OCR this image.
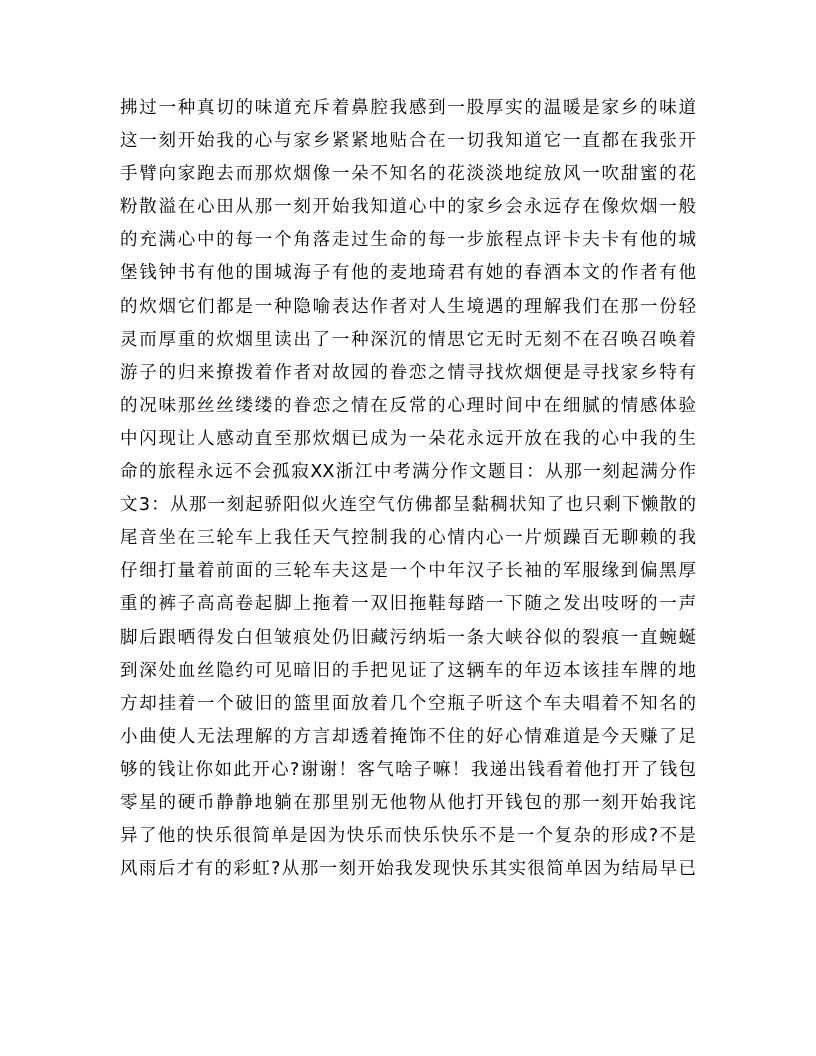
拂过一种真切的味道充斥着鼻腔我感到一股厚实的温暖是家乡的味道
这一刻开始我的心与家乡紧紧地贴合在一切我知道它一直都在我张开
手臂向家跑去而那炊烟像一朵不知名的花淡淡地绽放风一吹甜蜜的花
粉散溢在心田从那一刻开始我知道心中的家乡会永远存在像炊烟一般
的充满心中的每一个角落走过生命的每一步旅程点评卡夫卡有他的城
堡钱钟书有他的围城海子有他的麦地琦君有她的春酒本文的作者有他
的炊烟它们都是一种隐喻表达作者对人生境遇的理解我们在那一份轻
灵而厚重的炊烟里读出了一种深沉的情思它无时无刻不在召唤召唤着
游子的归来撩拨着作者对故园的眷恋之情寻找炊烟便是寻找家乡特有
的况味那丝丝缕缕的眷恋之情在反常的心理时间中在细腻的情感体验
中闪现让人感动直至那炊烟已成为一朵花永远开放在我的心中我的生
命的旅程永远不会孤寂XX浙江中考满分作文题目：从那一刻起满分作
文3：从那一刻起骄阳似火连空气仿佛都呈黏稠状知了也只剩下懒散的
尾音坐在三轮车上我任天气控制我的心情内心一片烦躁百无聊赖的我
仔细打量着前面的三轮车夫这是一个中年汉子长袖的军服缘到偏黑厚
重的裤子高高卷起脚上拖着一双旧拖鞋每踏一下随之发出吱呀的一声
脚后跟晒得发白但皱痕处仍旧藏污纳垢一条大峡谷似的裂痕一直蜿蜒
到深处血丝隐约可见暗旧的手把见证了这辆车的年迈本该挂车牌的地
方却挂着一个破旧的篮里面放着几个空瓶子听这个车夫唱着不知名的
小曲使人无法理解的方言却透着掩饰不住的好心情难道是今天赚了足
够的钱让你如此开心?谢谢！客气啥子嘛！我递出钱看着他打开了钱包
零星的硬币静静地躺在那里别无他物从他打开钱包的那一刻开始我诧
异了他的快乐很简单是因为快乐而快乐快乐不是一个复杂的形成?不是
风雨后才有的彩虹?从那一刻开始我发现快乐其实很简单因为结局早已
